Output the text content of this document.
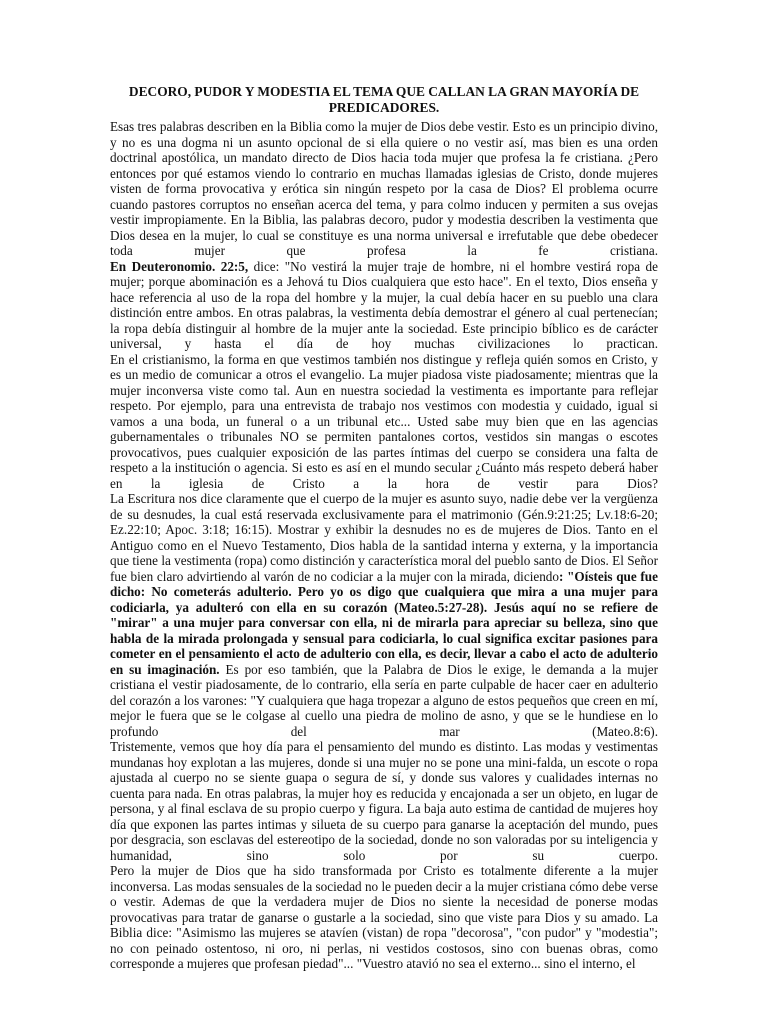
DECORO, PUDOR Y MODESTIA EL TEMA QUE CALLAN LA GRAN MAYORÍA DE PREDICADORES.

Esas tres palabras describen en la Biblia como la mujer de Dios debe vestir. Esto es un principio divino, y no es una dogma ni un asunto opcional de si ella quiere o no vestir así, mas bien es una orden doctrinal apostólica, un mandato directo de Dios hacia toda mujer que profesa la fe cristiana. ¿Pero entonces por qué estamos viendo lo contrario en muchas llamadas iglesias de Cristo, donde mujeres visten de forma provocativa y erótica sin ningún respeto por la casa de Dios? El problema ocurre cuando pastores corruptos no enseñan acerca del tema, y para colmo inducen y permiten a sus ovejas vestir impropiamente. En la Biblia, las palabras decoro, pudor y modestia describen la vestimenta que Dios desea en la mujer, lo cual se constituye es una norma universal e irrefutable que debe obedecer toda mujer que profesa la fe cristiana.

En Deuteronomio. 22:5, dice: "No vestirá la mujer traje de hombre, ni el hombre vestirá ropa de mujer; porque abominación es a Jehová tu Dios cualquiera que esto hace". En el texto, Dios enseña y hace referencia al uso de la ropa del hombre y la mujer, la cual debía hacer en su pueblo una clara distinción entre ambos. En otras palabras, la vestimenta debía demostrar el género al cual pertenecían; la ropa debía distinguir al hombre de la mujer ante la sociedad. Este principio bíblico es de carácter universal, y hasta el día de hoy muchas civilizaciones lo practican.

En el cristianismo, la forma en que vestimos también nos distingue y refleja quién somos en Cristo, y es un medio de comunicar a otros el evangelio. La mujer piadosa viste piadosamente; mientras que la mujer inconversa viste como tal. Aun en nuestra sociedad la vestimenta es importante para reflejar respeto. Por ejemplo, para una entrevista de trabajo nos vestimos con modestia y cuidado, igual si vamos a una boda, un funeral o a un tribunal etc... Usted sabe muy bien que en las agencias gubernamentales o tribunales NO se permiten pantalones cortos, vestidos sin mangas o escotes provocativos, pues cualquier exposición de las partes íntimas del cuerpo se considera una falta de respeto a la institución o agencia. Si esto es así en el mundo secular ¿Cuánto más respeto deberá haber en la iglesia de Cristo a la hora de vestir para Dios?

La Escritura nos dice claramente que el cuerpo de la mujer es asunto suyo, nadie debe ver la vergüenza de su desnudes, la cual está reservada exclusivamente para el matrimonio (Gén.9:21:25; Lv.18:6-20; Ez.22:10; Apoc. 3:18; 16:15). Mostrar y exhibir la desnudes no es de mujeres de Dios. Tanto en el Antiguo como en el Nuevo Testamento, Dios habla de la santidad interna y externa, y la importancia que tiene la vestimenta (ropa) como distinción y característica moral del pueblo santo de Dios. El Señor fue bien claro advirtiendo al varón de no codiciar a la mujer con la mirada, diciendo: "Oísteis que fue dicho: No cometerás adulterio. Pero yo os digo que cualquiera que mira a una mujer para codiciarla, ya adulteró con ella en su corazón (Mateo.5:27-28). Jesús aquí no se refiere de "mirar" a una mujer para conversar con ella, ni de mirarla para apreciar su belleza, sino que habla de la mirada prolongada y sensual para codiciarla, lo cual significa excitar pasiones para cometer en el pensamiento el acto de adulterio con ella, es decir, llevar a cabo el acto de adulterio en su imaginación. Es por eso también, que la Palabra de Dios le exige, le demanda a la mujer cristiana el vestir piadosamente, de lo contrario, ella sería en parte culpable de hacer caer en adulterio del corazón a los varones: "Y cualquiera que haga tropezar a alguno de estos pequeños que creen en mí, mejor le fuera que se le colgase al cuello una piedra de molino de asno, y que se le hundiese en lo profundo del mar (Mateo.8:6).

Tristemente, vemos que hoy día para el pensamiento del mundo es distinto. Las modas y vestimentas mundanas hoy explotan a las mujeres, donde si una mujer no se pone una mini-falda, un escote o ropa ajustada al cuerpo no se siente guapa o segura de sí, y donde sus valores y cualidades internas no cuenta para nada. En otras palabras, la mujer hoy es reducida y encajonada a ser un objeto, en lugar de persona, y al final esclava de su propio cuerpo y figura. La baja auto estima de cantidad de mujeres hoy día que exponen las partes intimas y silueta de su cuerpo para ganarse la aceptación del mundo, pues por desgracia, son esclavas del estereotipo de la sociedad, donde no son valoradas por su inteligencia y humanidad, sino solo por su cuerpo.

Pero la mujer de Dios que ha sido transformada por Cristo es totalmente diferente a la mujer inconversa. Las modas sensuales de la sociedad no le pueden decir a la mujer cristiana cómo debe verse o vestir. Ademas de que la verdadera mujer de Dios no siente la necesidad de ponerse modas provocativas para tratar de ganarse o gustarle a la sociedad, sino que viste para Dios y su amado. La Biblia dice: "Asimismo las mujeres se atavíen (vistan) de ropa "decorosa", "con pudor" y "modestia"; no con peinado ostentoso, ni oro, ni perlas, ni vestidos costosos, sino con buenas obras, como corresponde a mujeres que profesan piedad"... "Vuestro atavió no sea el externo... sino el interno, el
